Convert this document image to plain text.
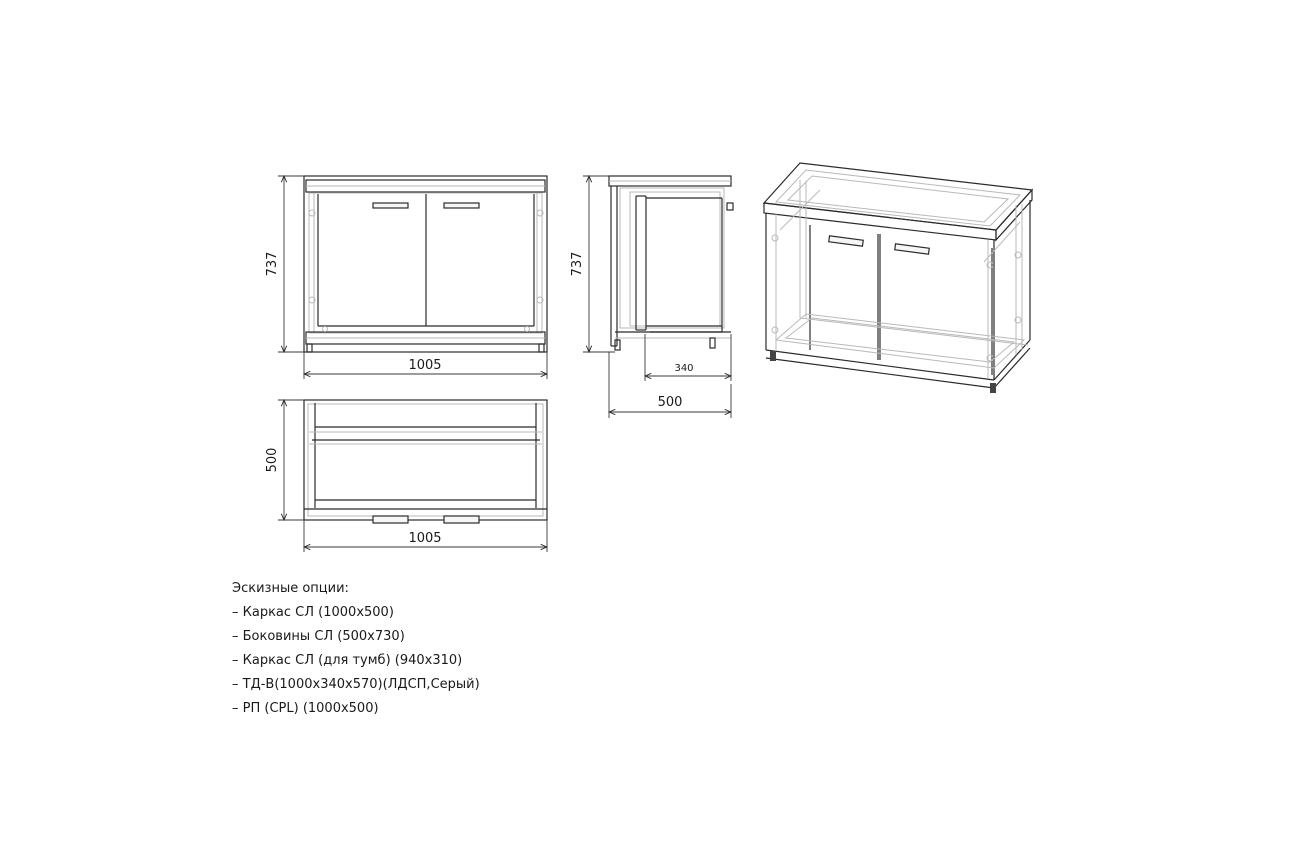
737
1005
737
340
500
500
1005
Эскизные опции:
– Каркас СЛ (1000х500)
– Боковины СЛ (500х730)
– Каркас СЛ (для тумб) (940х310)
– ТД-В(1000х340х570)(ЛДСП,Серый)
– РП (CPL) (1000х500)
